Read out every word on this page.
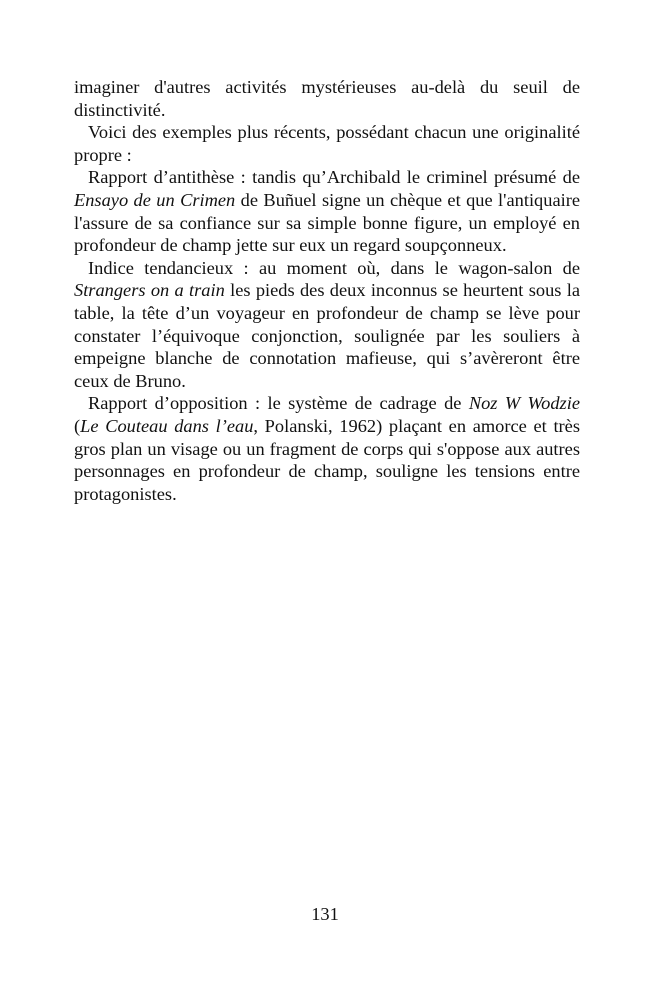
imaginer d'autres activités mystérieuses au-delà du seuil de distinctivité.

Voici des exemples plus récents, possédant chacun une originalité propre :

Rapport d’antithèse : tandis qu’Archibald le criminel présumé de Ensayo de un Crimen de Buñuel signe un chèque et que l'antiquaire l'assure de sa confiance sur sa simple bonne figure, un employé en profondeur de champ jette sur eux un regard soupçonneux.

Indice tendancieux : au moment où, dans le wagon-salon de Strangers on a train les pieds des deux inconnus se heurtent sous la table, la tête d’un voyageur en profondeur de champ se lève pour constater l’équivoque conjonction, soulignée par les souliers à empeigne blanche de connotation mafieuse, qui s’avèreront être ceux de Bruno.

Rapport d’opposition : le système de cadrage de Noz W Wodzie (Le Couteau dans l’eau, Polanski, 1962) plaçant en amorce et très gros plan un visage ou un fragment de corps qui s'oppose aux autres personnages en profondeur de champ, souligne les tensions entre protagonistes.

131
